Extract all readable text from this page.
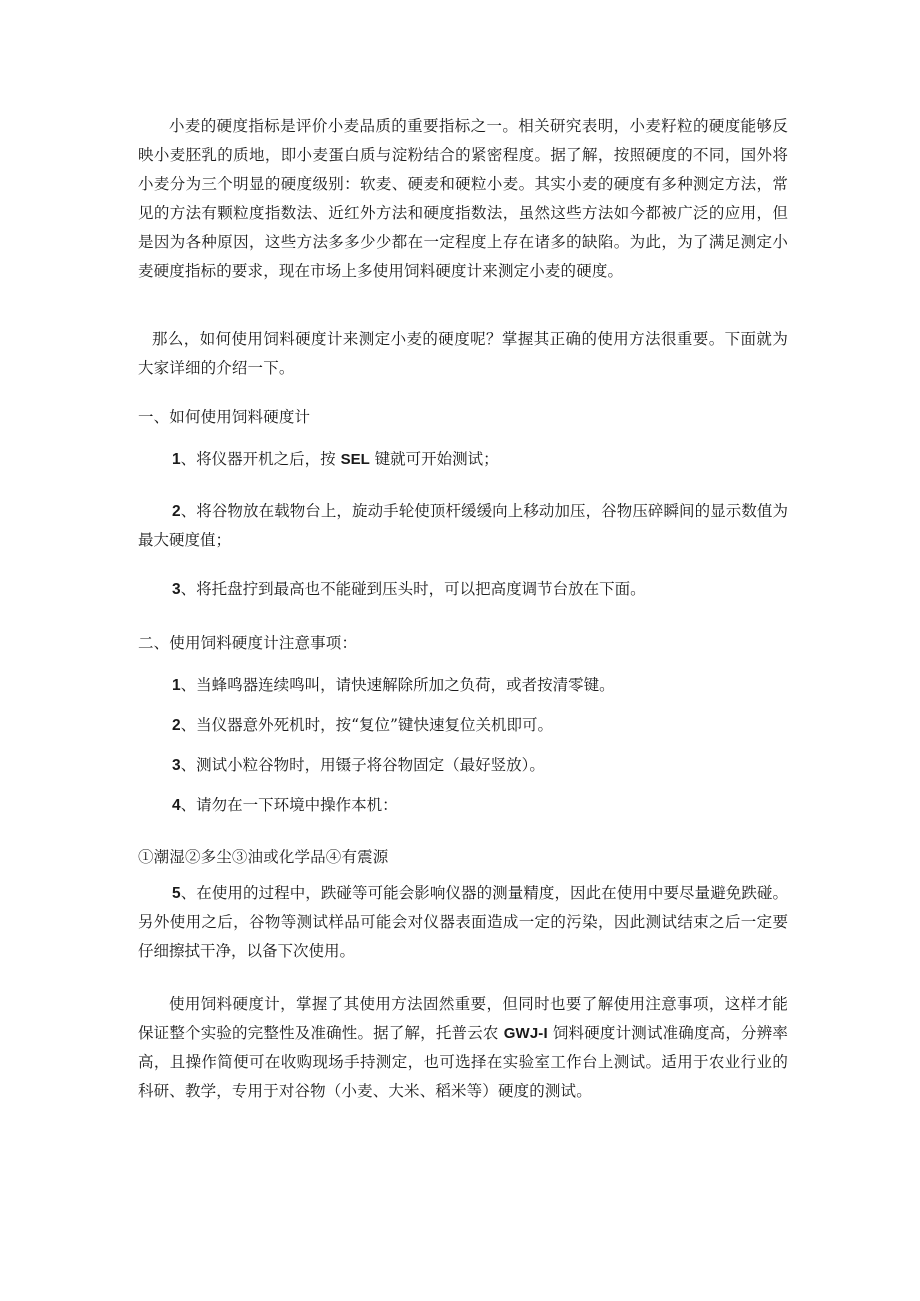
小麦的硬度指标是评价小麦品质的重要指标之一。相关研究表明，小麦籽粒的硬度能够反映小麦胚乳的质地，即小麦蛋白质与淀粉结合的紧密程度。据了解，按照硬度的不同，国外将小麦分为三个明显的硬度级别：软麦、硬麦和硬粒小麦。其实小麦的硬度有多种测定方法，常见的方法有颗粒度指数法、近红外方法和硬度指数法，虽然这些方法如今都被广泛的应用，但是因为各种原因，这些方法多多少少都在一定程度上存在诸多的缺陷。为此，为了满足测定小麦硬度指标的要求，现在市场上多使用饲料硬度计来测定小麦的硬度。

那么，如何使用饲料硬度计来测定小麦的硬度呢？掌握其正确的使用方法很重要。下面就为大家详细的介绍一下。

一、如何使用饲料硬度计

1、将仪器开机之后，按 SEL 键就可开始测试；

2、将谷物放在载物台上，旋动手轮使顶杆缓缓向上移动加压，谷物压碎瞬间的显示数值为最大硬度值；

3、将托盘拧到最高也不能碰到压头时，可以把高度调节台放在下面。

二、使用饲料硬度计注意事项：

1、当蜂鸣器连续鸣叫，请快速解除所加之负荷，或者按清零键。

2、当仪器意外死机时，按“复位”键快速复位关机即可。

3、测试小粒谷物时，用镊子将谷物固定（最好竖放）。

4、请勿在一下环境中操作本机：

①潮湿②多尘③油或化学品④有震源

5、在使用的过程中，跌碰等可能会影响仪器的测量精度，因此在使用中要尽量避免跌碰。另外使用之后，谷物等测试样品可能会对仪器表面造成一定的污染，因此测试结束之后一定要仔细擦拭干净，以备下次使用。

使用饲料硬度计，掌握了其使用方法固然重要，但同时也要了解使用注意事项，这样才能保证整个实验的完整性及准确性。据了解，托普云农 GWJ-I 饲料硬度计测试准确度高，分辨率高，且操作简便可在收购现场手持测定，也可选择在实验室工作台上测试。适用于农业行业的科研、教学，专用于对谷物（小麦、大米、稻米等）硬度的测试。
